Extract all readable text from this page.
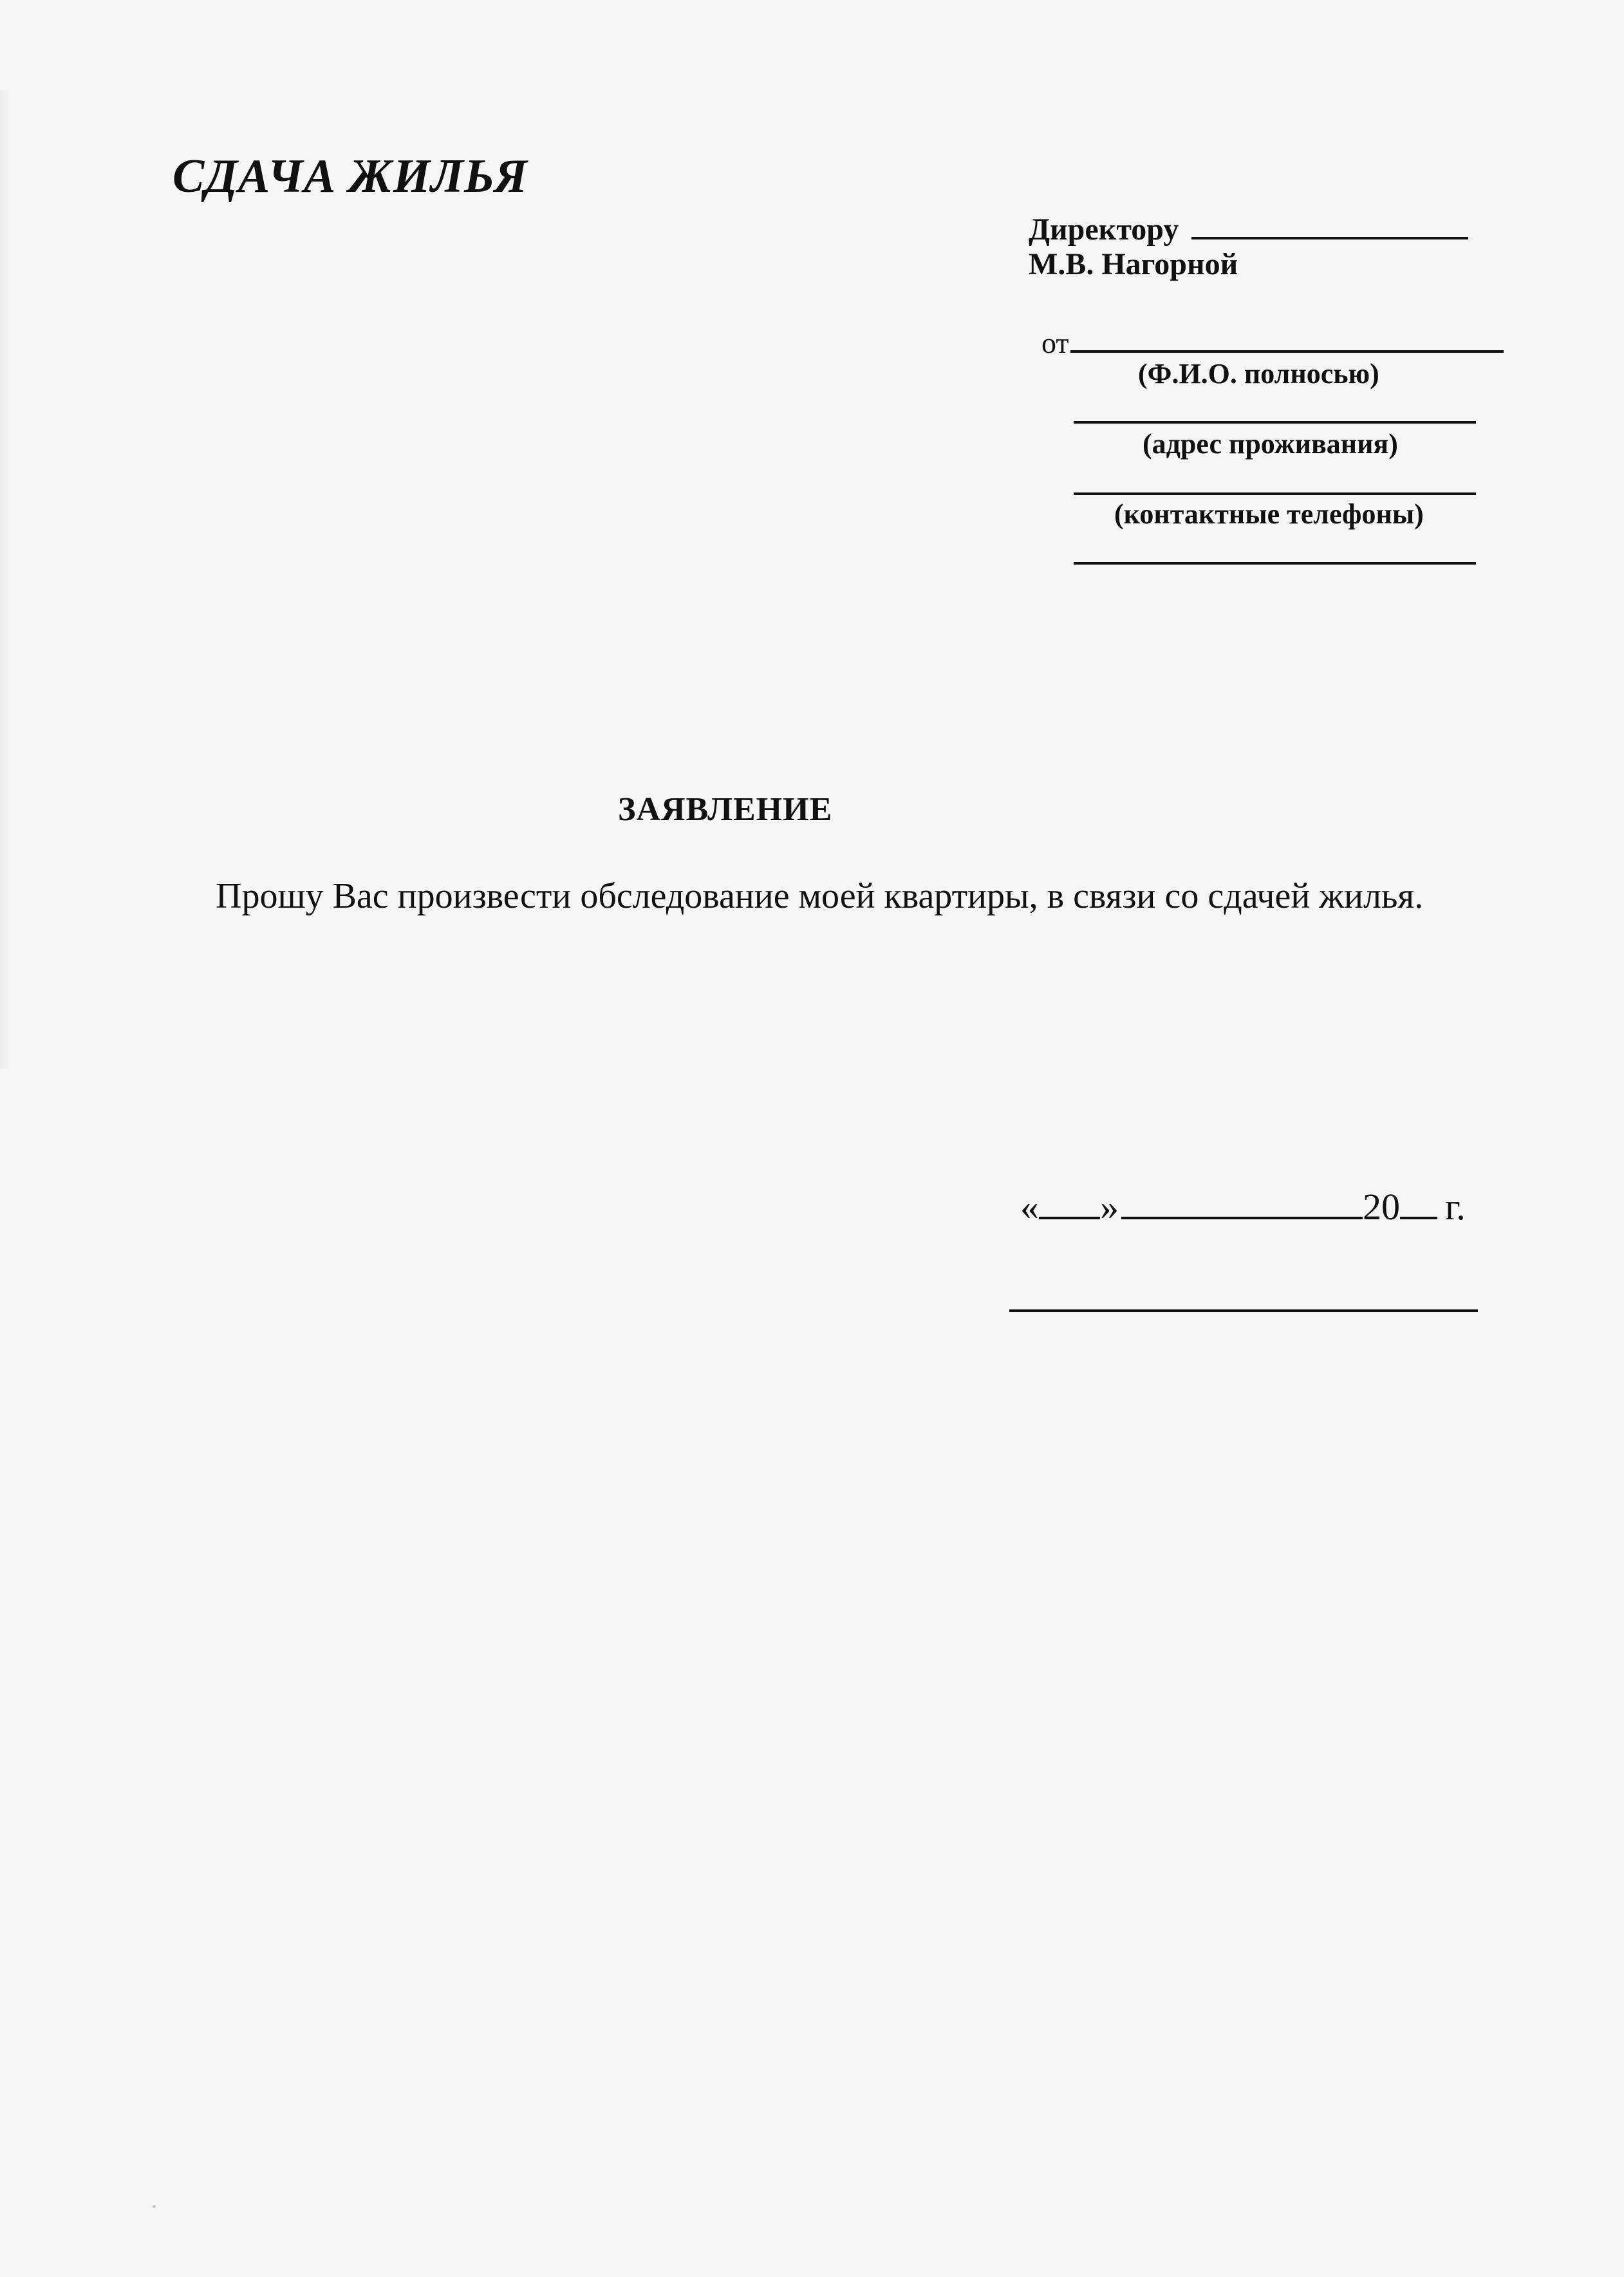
СДАЧА ЖИЛЬЯ
Директору
М.В. Нагорной
от
(Ф.И.О. полносью)
(адрес проживания)
(контактные телефоны)
ЗАЯВЛЕНИЕ

Прошу Вас произвести обследование моей квартиры, в связи со сдачей жилья.

« »	20 г.
